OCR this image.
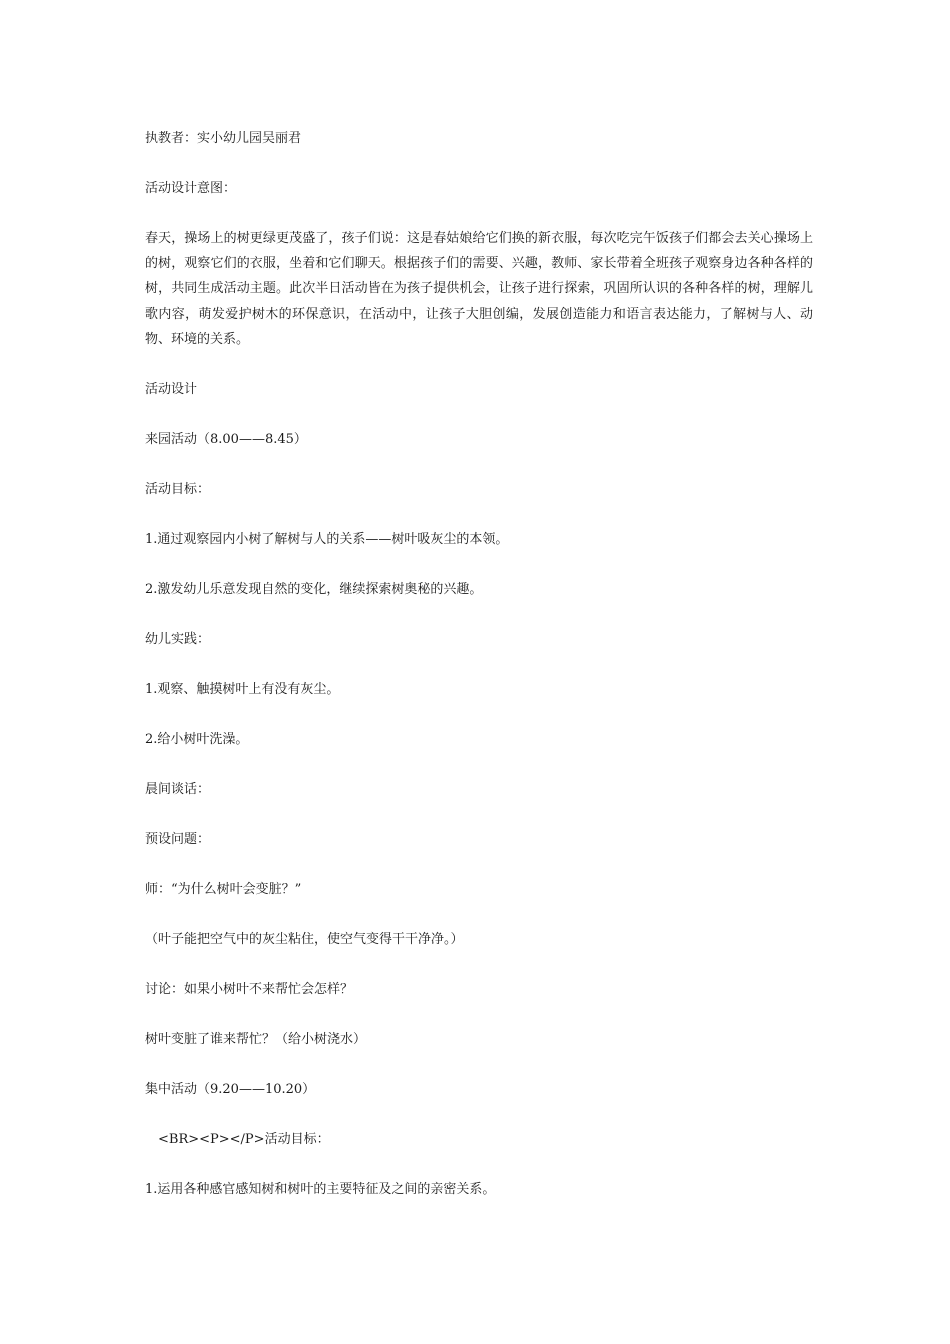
执教者：实小幼儿园吴丽君

活动设计意图：

春天，操场上的树更绿更茂盛了，孩子们说：这是春姑娘给它们换的新衣服，每次吃完午饭孩子们都会去关心操场上的树，观察它们的衣服，坐着和它们聊天。根据孩子们的需要、兴趣，教师、家长带着全班孩子观察身边各种各样的树，共同生成活动主题。此次半日活动皆在为孩子提供机会，让孩子进行探索，巩固所认识的各种各样的树，理解儿歌内容，萌发爱护树木的环保意识，在活动中，让孩子大胆创编，发展创造能力和语言表达能力，了解树与人、动物、环境的关系。

活动设计

来园活动（8.00——8.45）

活动目标：

1.通过观察园内小树了解树与人的关系——树叶吸灰尘的本领。

2.激发幼儿乐意发现自然的变化，继续探索树奥秘的兴趣。

幼儿实践：

1.观察、触摸树叶上有没有灰尘。

2.给小树叶洗澡。

晨间谈话：

预设问题：

师：“为什么树叶会变脏？”

（叶子能把空气中的灰尘粘住，使空气变得干干净净。）

讨论：如果小树叶不来帮忙会怎样？

树叶变脏了谁来帮忙？（给小树浇水）

集中活动（9.20——10.20）

<BR><P></P>活动目标：

1.运用各种感官感知树和树叶的主要特征及之间的亲密关系。
